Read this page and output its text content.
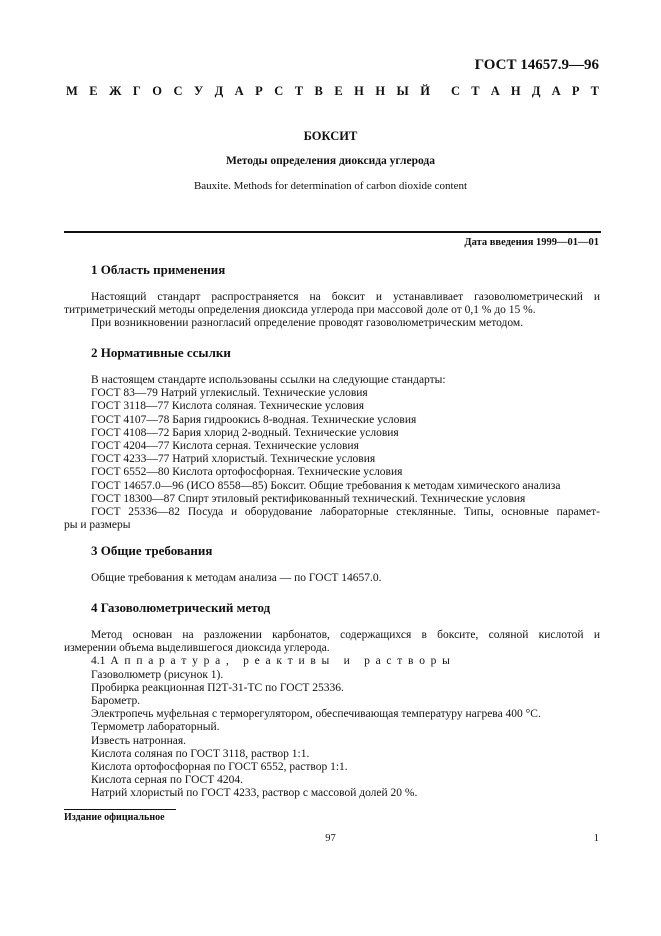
ГОСТ 14657.9—96
М Е Ж Г О С У Д А Р С Т В Е Н Н Ы Й С Т А Н Д А Р Т
БОКСИТ
Методы определения диоксида углерода
Bauxite. Methods for determination of carbon dioxide content
Дата введения 1999—01—01
1 Область применения
Настоящий стандарт распространяется на боксит и устанавливает газоволюметрический и
титриметрический методы определения диоксида углерода при массовой доле от 0,1 % до 15 %.
При возникновении разногласий определение проводят газоволюметрическим методом.
2 Нормативные ссылки
В настоящем стандарте использованы ссылки на следующие стандарты:
ГОСТ 83—79 Натрий углекислый. Технические условия
ГОСТ 3118—77 Кислота соляная. Технические условия
ГОСТ 4107—78 Бария гидроокись 8-водная. Технические условия
ГОСТ 4108—72 Бария хлорид 2-водный. Технические условия
ГОСТ 4204—77 Кислота серная. Технические условия
ГОСТ 4233—77 Натрий хлористый. Технические условия
ГОСТ 6552—80 Кислота ортофосфорная. Технические условия
ГОСТ 14657.0—96 (ИСО 8558—85) Боксит. Общие требования к методам химического анализа
ГОСТ 18300—87 Спирт этиловый ректификованный технический. Технические условия
ГОСТ 25336—82 Посуда и оборудование лабораторные стеклянные. Типы, основные парамет-
ры и размеры
3 Общие требования
Общие требования к методам анализа — по ГОСТ 14657.0.
4 Газоволюметрический метод
Метод основан на разложении карбонатов, содержащихся в боксите, соляной кислотой и
измерении объема выделившегося диоксида углерода.
4.1 А п п а р а т у р а ,
р е а к т и в ы
и
р а с т в о р ы
Газоволюметр (рисунок 1).
Пробирка реакционная П2Т-31-ТС по ГОСТ 25336.
Барометр.
Электропечь муфельная с терморегулятором, обеспечивающая температуру нагрева 400 °С.
Термометр лабораторный.
Известь натронная.
Кислота соляная по ГОСТ 3118, раствор 1:1.
Кислота ортофосфорная по ГОСТ 6552, раствор 1:1.
Кислота серная по ГОСТ 4204.
Натрий хлористый по ГОСТ 4233, раствор с массовой долей 20 %.
Издание официальное
97	1
